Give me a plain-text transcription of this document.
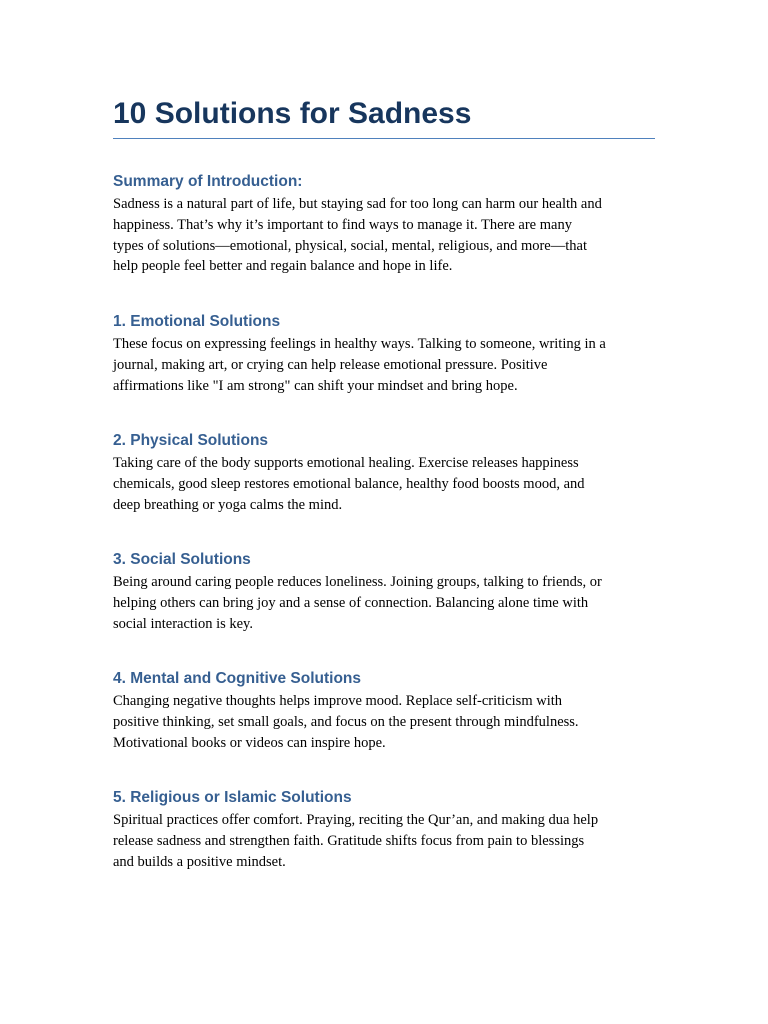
10 Solutions for Sadness
Summary of Introduction:

Sadness is a natural part of life, but staying sad for too long can harm our health and
happiness. That’s why it’s important to find ways to manage it. There are many
types of solutions—emotional, physical, social, mental, religious, and more—that
help people feel better and regain balance and hope in life.

1. Emotional Solutions

These focus on expressing feelings in healthy ways. Talking to someone, writing in a
journal, making art, or crying can help release emotional pressure. Positive
affirmations like "I am strong" can shift your mindset and bring hope.

2. Physical Solutions

Taking care of the body supports emotional healing. Exercise releases happiness
chemicals, good sleep restores emotional balance, healthy food boosts mood, and
deep breathing or yoga calms the mind.

3. Social Solutions

Being around caring people reduces loneliness. Joining groups, talking to friends, or
helping others can bring joy and a sense of connection. Balancing alone time with
social interaction is key.

4. Mental and Cognitive Solutions

Changing negative thoughts helps improve mood. Replace self-criticism with
positive thinking, set small goals, and focus on the present through mindfulness.
Motivational books or videos can inspire hope.

5. Religious or Islamic Solutions

Spiritual practices offer comfort. Praying, reciting the Qur’an, and making dua help
release sadness and strengthen faith. Gratitude shifts focus from pain to blessings
and builds a positive mindset.
